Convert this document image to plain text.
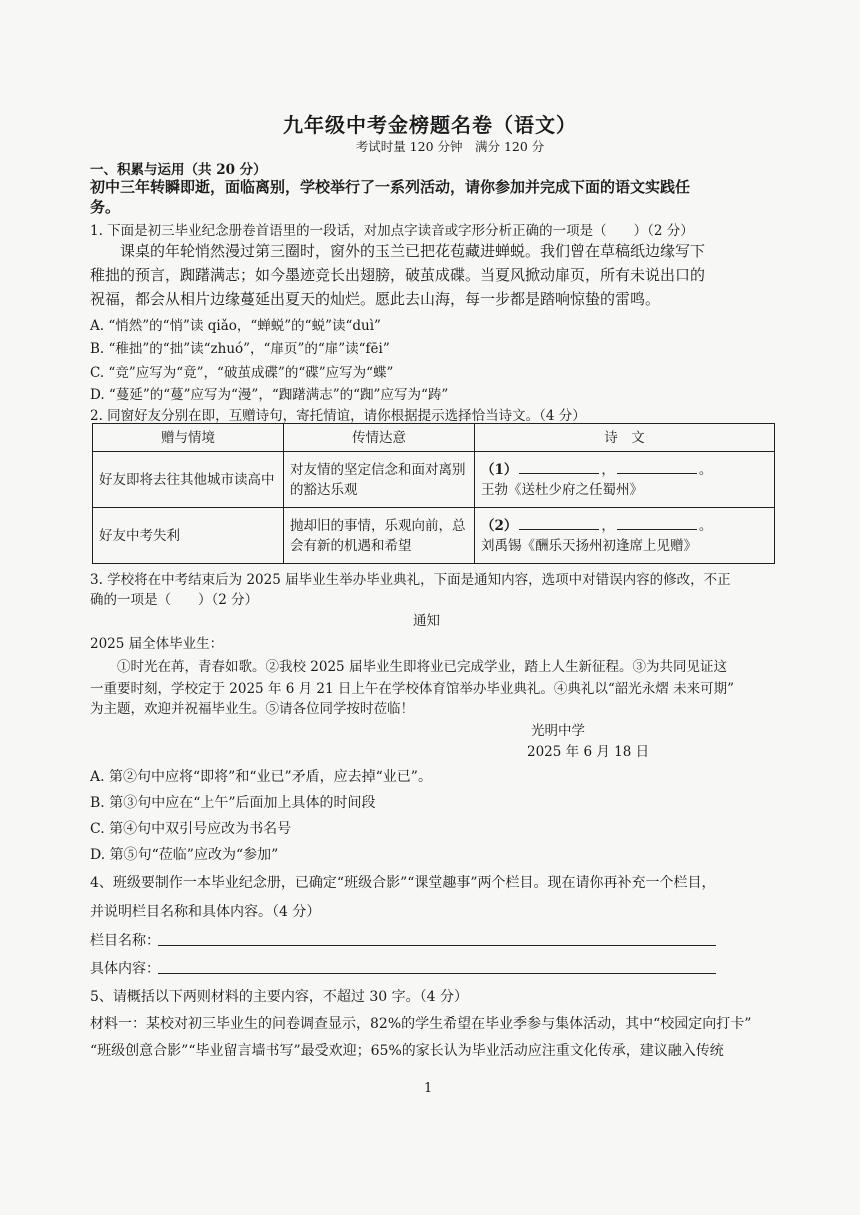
九年级中考金榜题名卷（语文）
考试时量 120 分钟　满分 120 分
一、积累与运用（共 20 分）
初中三年转瞬即逝，面临离别，学校举行了一系列活动，请你参加并完成下面的语文实践任
务。
1. 下面是初三毕业纪念册卷首语里的一段话，对加点字读音或字形分析正确的一项是（　　）（2 分）
　　课桌的年轮悄然漫过第三圈时，窗外的玉兰已把花苞藏进蝉蜕。我们曾在草稿纸边缘写下
稚拙的预言，踟躇满志；如今墨迹竞长出翅膀，破茧成碟。当夏风掀动扉页，所有未说出口的
祝福，都会从相片边缘蔓延出夏天的灿烂。愿此去山海，每一步都是踏响惊蛰的雷鸣。
A. “悄然”的“悄”读 qiǎo，“蝉蜕”的“蜕”读“duì”
B. “稚拙”的“拙”读“zhuó”，“扉页”的“扉”读“fēi”
C. “竞”应写为“竟”，“破茧成碟”的“碟”应写为“蝶”
D. “蔓延”的“蔓”应写为“漫”，“踟躇满志”的“踟”应写为“踌”
2. 同窗好友分别在即，互赠诗句，寄托情谊，请你根据提示选择恰当诗文。（4 分）
赠与情境	传情达意	诗　文
好友即将去往其他城市读高中	对友情的坚定信念和面对离别的豁达乐观	（1） ， 。
王勃《送杜少府之任蜀州》

好友中考失利	抛却旧的事情，乐观向前，总会有新的机遇和希望	（2） ， 。
刘禹锡《酬乐天扬州初逢席上见赠》
3. 学校将在中考结束后为 2025 届毕业生举办毕业典礼，下面是通知内容，选项中对错误内容的修改，不正
确的一项是（　　）（2 分）
通知
2025 届全体毕业生：
　　①时光在苒，青春如歌。②我校 2025 届毕业生即将业已完成学业，踏上人生新征程。③为共同见证这
一重要时刻，学校定于 2025 年 6 月 21 日上午在学校体育馆举办毕业典礼。④典礼以“韶光永熠 未来可期”
为主题，欢迎并祝福毕业生。⑤请各位同学按时莅临！
光明中学
2025 年 6 月 18 日
A. 第②句中应将“即将”和“业已”矛盾，应去掉“业已”。
B. 第③句中应在“上午”后面加上具体的时间段
C. 第④句中双引号应改为书名号
D. 第⑤句“莅临”应改为“参加”
4、班级要制作一本毕业纪念册，已确定“班级合影”“课堂趣事”两个栏目。现在请你再补充一个栏目，
并说明栏目名称和具体内容。（4 分）
栏目名称：
具体内容：
5、请概括以下两则材料的主要内容，不超过 30 字。（4 分）
材料一：某校对初三毕业生的问卷调查显示，82%的学生希望在毕业季参与集体活动，其中“校园定向打卡”
“班级创意合影”“毕业留言墙书写”最受欢迎；65%的家长认为毕业活动应注重文化传承，建议融入传统
1
